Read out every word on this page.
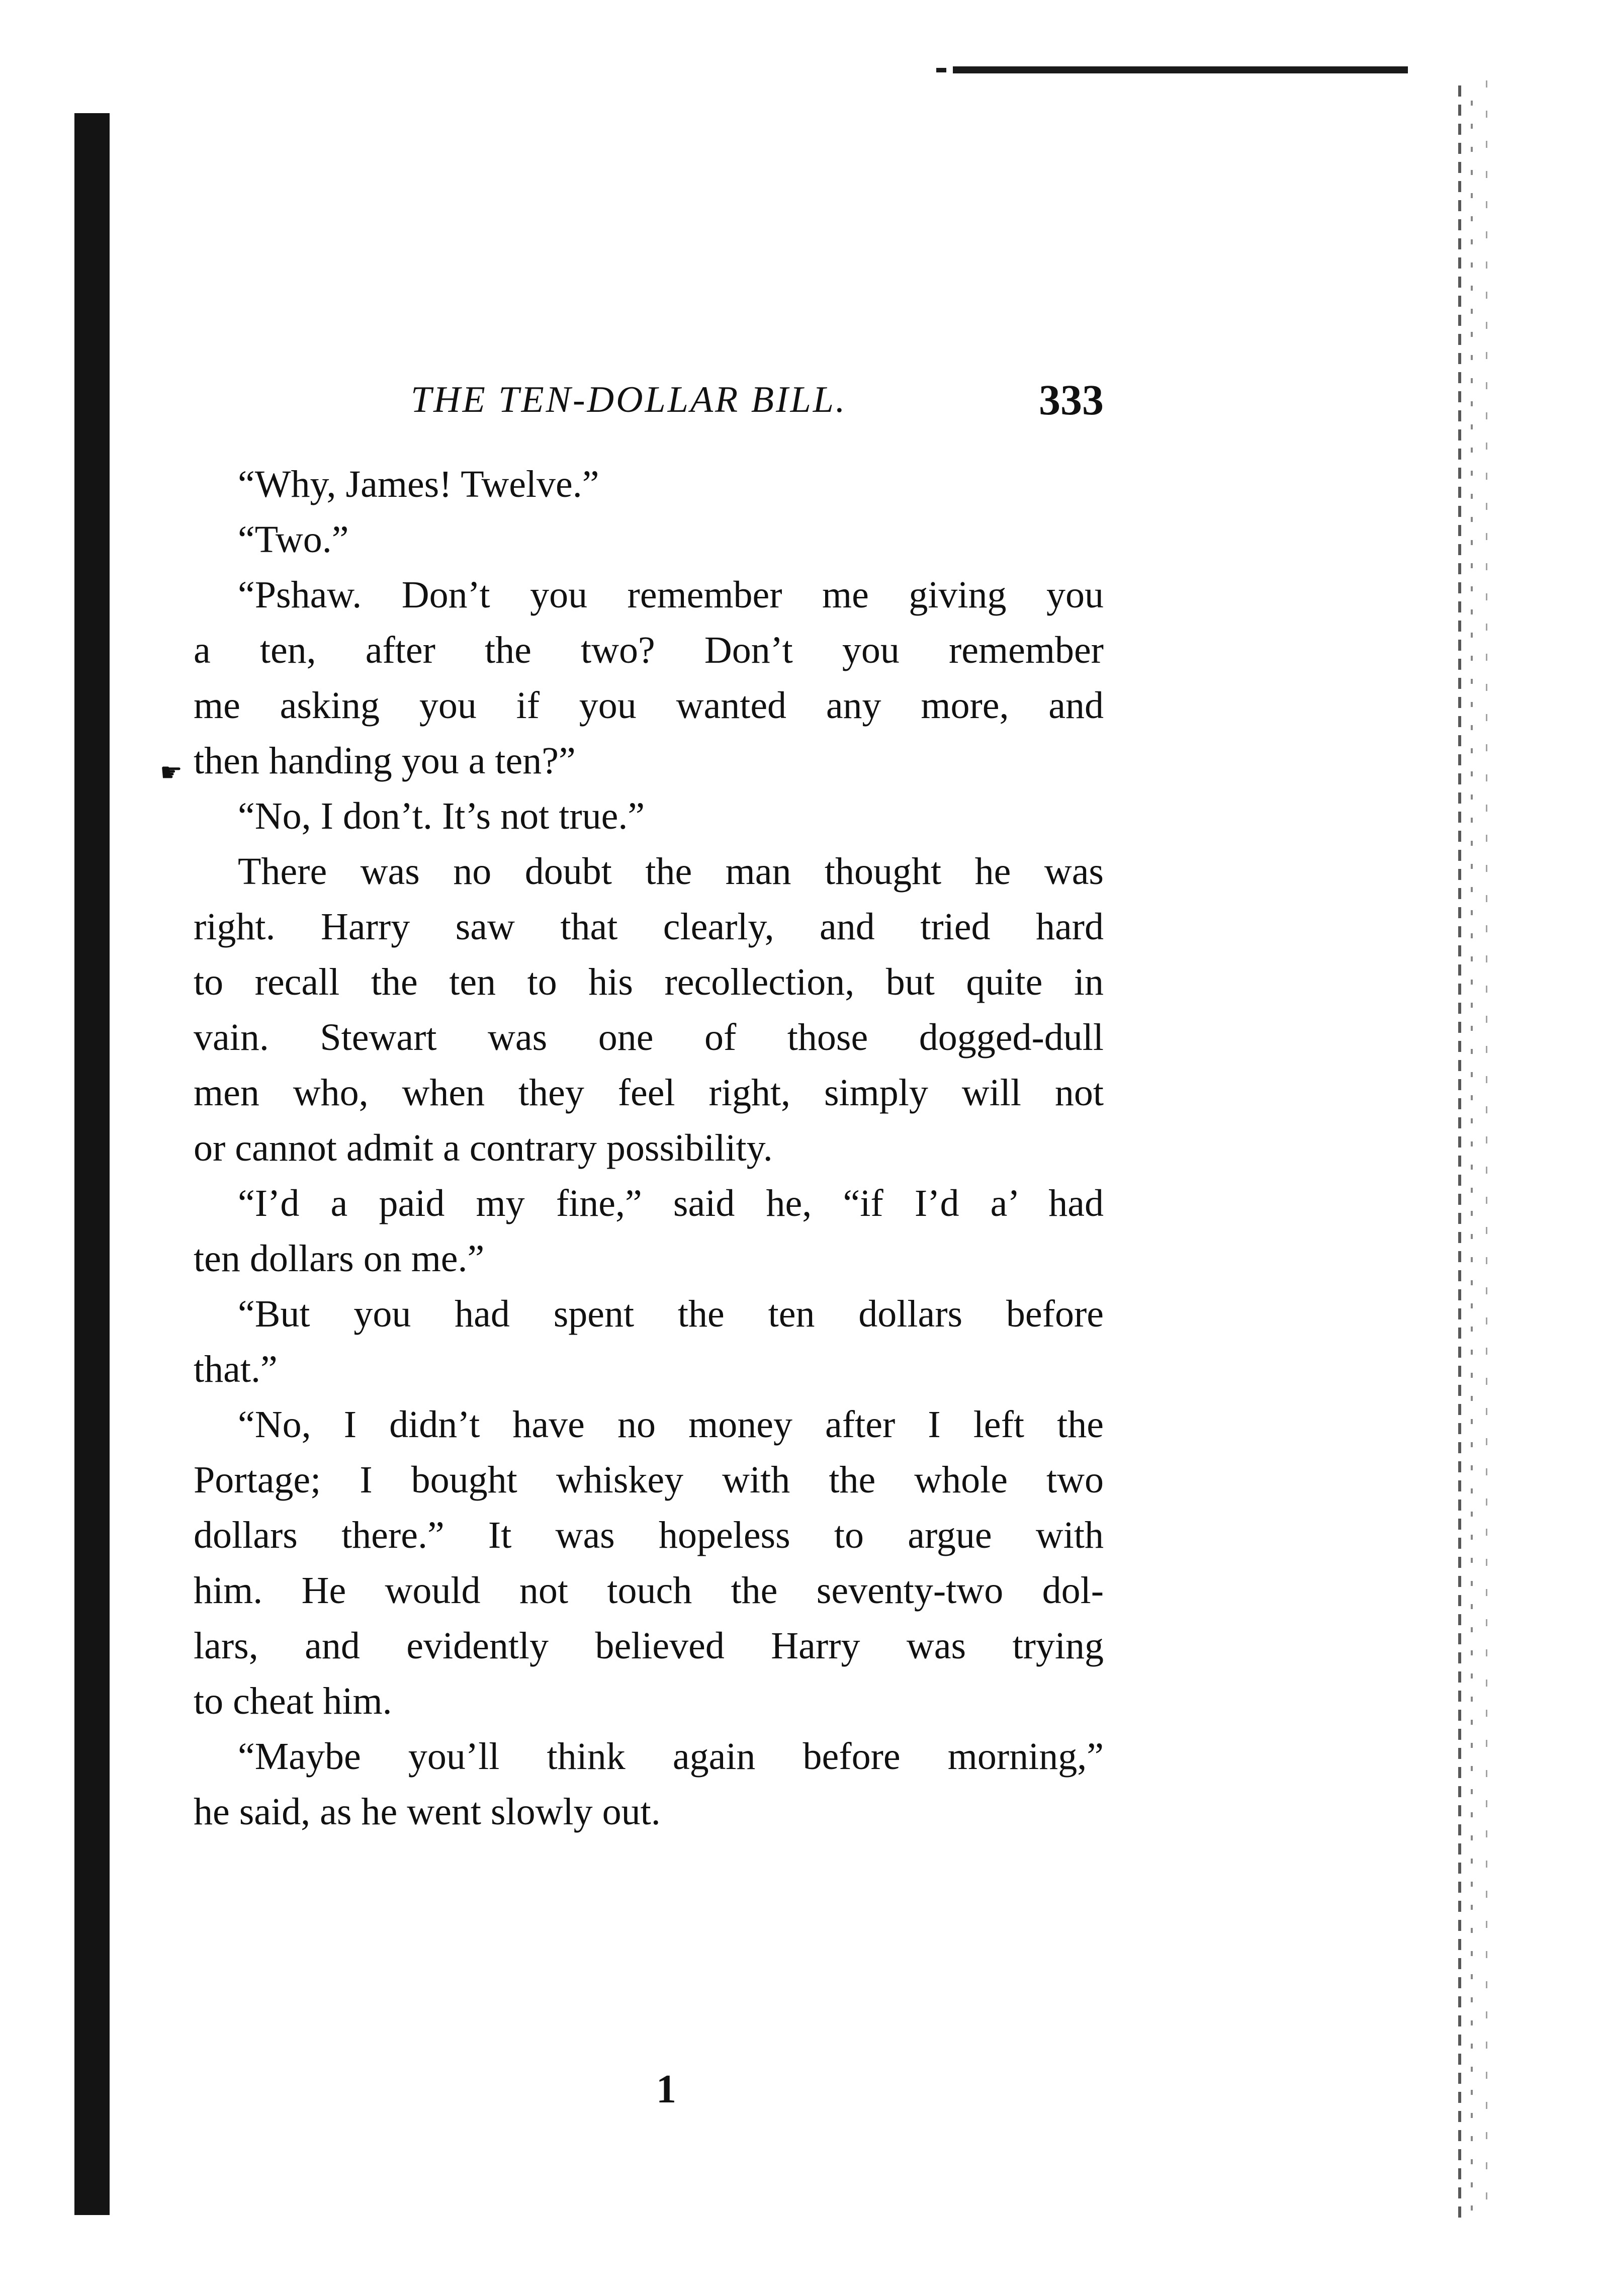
THE TEN-DOLLAR BILL.	333
☛
“Why, James! Twelve.”
“Two.”
“Pshaw. Don’t you remember me giving you
a ten, after the two? Don’t you remember
me asking you if you wanted any more, and
then handing you a ten?”
“No, I don’t. It’s not true.”
There was no doubt the man thought he was
right. Harry saw that clearly, and tried hard
to recall the ten to his recollection, but quite in
vain. Stewart was one of those dogged-dull
men who, when they feel right, simply will not
or cannot admit a contrary possibility.
“I’d a paid my fine,” said he, “if I’d a’ had
ten dollars on me.”
“But you had spent the ten dollars before
that.”
“No, I didn’t have no money after I left the
Portage; I bought whiskey with the whole two
dollars there.” It was hopeless to argue with
him. He would not touch the seventy-two dol-
lars, and evidently believed Harry was trying
to cheat him.
“Maybe you’ll think again before morning,”
he said, as he went slowly out.
1
